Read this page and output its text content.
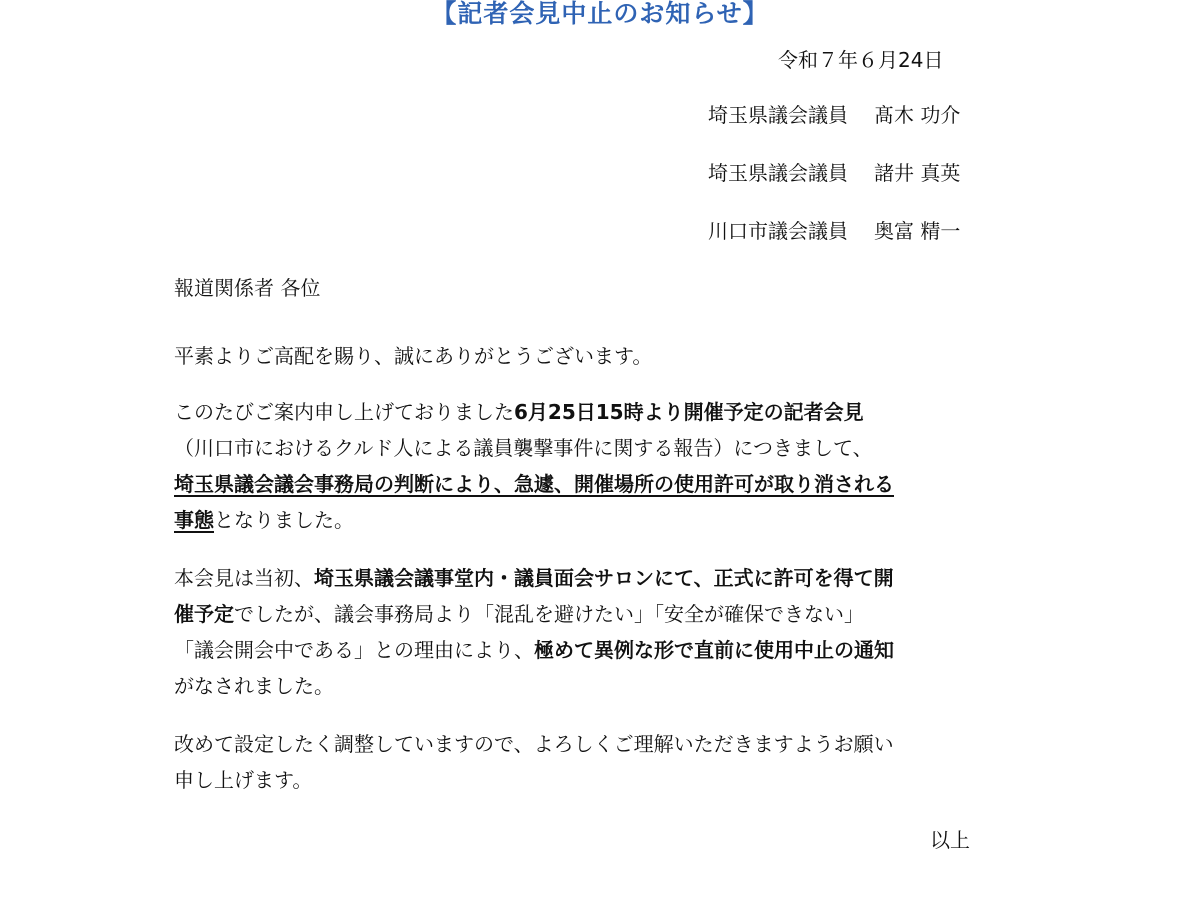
【記者会見中止のお知らせ】
令和７年６月24日
埼玉県議会議員 髙木 功介
埼玉県議会議員 諸井 真英
川口市議会議員 奥富 精一
報道関係者 各位
平素よりご高配を賜り、誠にありがとうございます。
このたびご案内申し上げておりました6月25日15時より開催予定の記者会見
（川口市におけるクルド人による議員襲撃事件に関する報告）につきまして、
埼玉県議会議会事務局の判断により、急遽、開催場所の使用許可が取り消される
事態となりました。
本会見は当初、埼玉県議会議事堂内・議員面会サロンにて、正式に許可を得て開
催予定でしたが、議会事務局より「混乱を避けたい」「安全が確保できない」
「議会開会中である」との理由により、極めて異例な形で直前に使用中止の通知
がなされました。
改めて設定したく調整していますので、よろしくご理解いただきますようお願い
申し上げます。
以上
